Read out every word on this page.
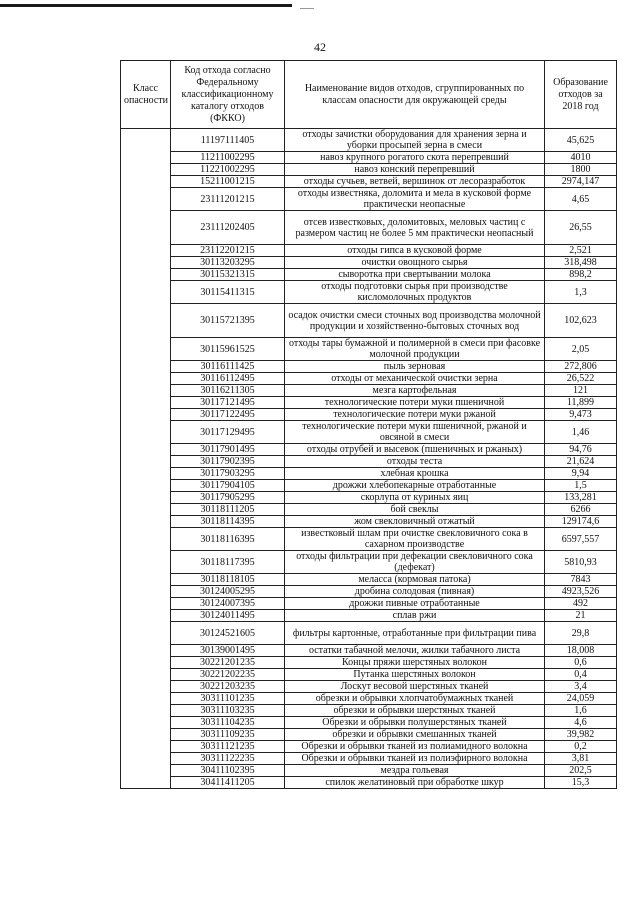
42
Класс опасности	Код отхода согласно Федеральному классификационному каталогу отходов (ФККО)	Наименование видов отходов, сгруппированных по классам опасности для окружающей среды	Образование отходов за 2018 год
	11197111405	отходы зачистки оборудования для хранения зерна и уборки просыпей зерна в смеси	45,625
	11211002295	навоз крупного рогатого скота перепревший	4010
	11221002295	навоз конский перепревший	1800
	15211001215	отходы сучьев, ветвей, вершинок от лесоразработок	2974,147
	23111201215	отходы известняка, доломита и мела в кусковой форме практически неопасные	4,65
	23111202405	отсев известковых, доломитовых, меловых частиц с размером частиц не более 5 мм практически неопасный	26,55
	23112201215	отходы гипса в кусковой форме	2,521
	30113203295	очистки овощного сырья	318,498
	30115321315	сыворотка при свертывании молока	898,2
	30115411315	отходы подготовки сырья при производстве кисломолочных продуктов	1,3
	30115721395	осадок очистки смеси сточных вод производства молочной продукции и хозяйственно-бытовых сточных вод	102,623
	30115961525	отходы тары бумажной и полимерной в смеси при фасовке молочной продукции	2,05
	30116111425	пыль зерновая	272,806
	30116112495	отходы от механической очистки зерна	26,522
	30116211305	мезга картофельная	121
	30117121495	технологические потери муки пшеничной	11,899
	30117122495	технологические потери муки ржаной	9,473
	30117129495	технологические потери муки пшеничной, ржаной и овсяной в смеси	1,46
	30117901495	отходы отрубей и высевок (пшеничных и ржаных)	94,76
	30117902395	отходы теста	21,624
	30117903295	хлебная крошка	9,94
	30117904105	дрожжи хлебопекарные отработанные	1,5
	30117905295	скорлупа от куриных яиц	133,281
	30118111205	бой свеклы	6266
	30118114395	жом свекловичный отжатый	129174,6
	30118116395	известковый шлам при очистке свекловичного сока в сахарном производстве	6597,557
	30118117395	отходы фильтрации при дефекации свекловичного сока (дефекат)	5810,93
	30118118105	меласса (кормовая патока)	7843
	30124005295	дробина солодовая (пивная)	4923,526
	30124007395	дрожжи пивные отработанные	492
	30124011495	сплав ржи	21
	30124521605	фильтры картонные, отработанные при фильтрации пива	29,8
	30139001495	остатки табачной мелочи, жилки табачного листа	18,008
	30221201235	Концы пряжи шерстяных волокон	0,6
	30221202235	Путанка шерстяных волокон	0,4
	30221203235	Лоскут весовой шерстяных тканей	3,4
	30311101235	обрезки и обрывки хлопчатобумажных тканей	24,059
	30311103235	обрезки и обрывки шерстяных тканей	1,6
	30311104235	Обрезки и обрывки полушерстяных тканей	4,6
	30311109235	обрезки и обрывки смешанных тканей	39,982
	30311121235	Обрезки и обрывки тканей из полиамидного волокна	0,2
	30311122235	Обрезки и обрывки тканей из полиэфирного волокна	3,81
	30411102395	мездра гольевая	202,5
	30411411205	спилок желатиновый при обработке шкур	15,3
